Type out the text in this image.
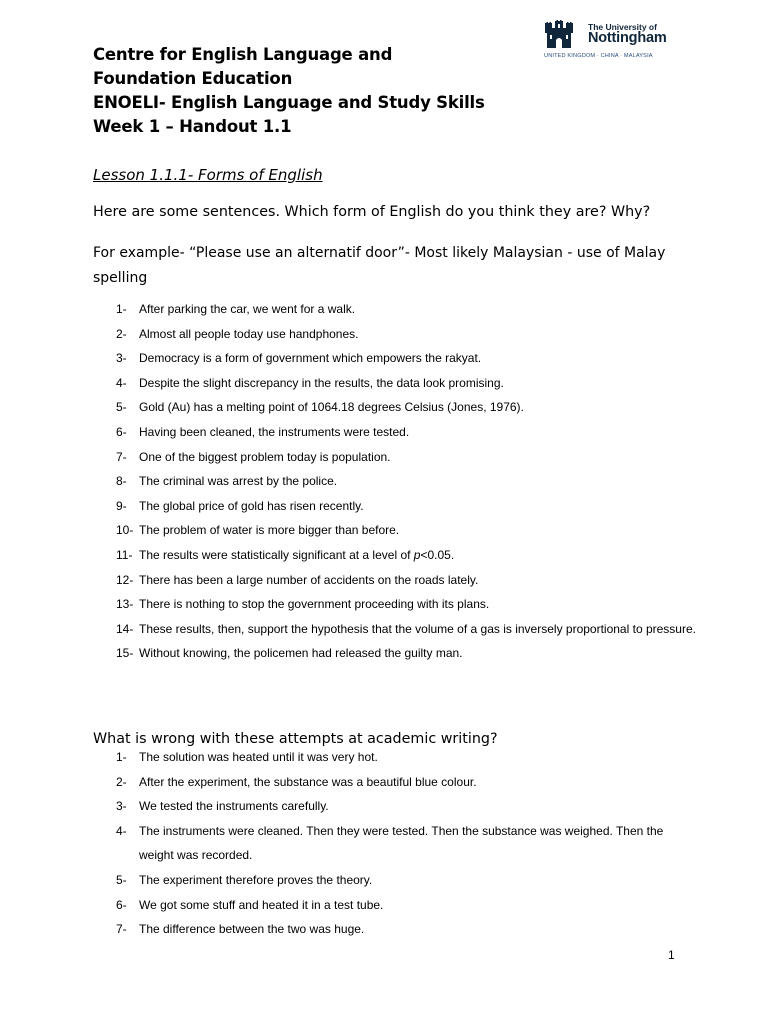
Centre for English Language and
Foundation Education
ENOELI- English Language and Study Skills
Week 1 – Handout 1.1
The University of
Nottingham
UNITED KINGDOM · CHINA · MALAYSIA
Lesson 1.1.1- Forms of English
Here are some sentences. Which form of English do you think they are? Why?
For example- “Please use an alternatif door”- Most likely Malaysian - use of Malay spelling
1- After parking the car, we went for a walk.
2- Almost all people today use handphones.
3- Democracy is a form of government which empowers the rakyat.
4- Despite the slight discrepancy in the results, the data look promising.
5- Gold (Au) has a melting point of 1064.18 degrees Celsius (Jones, 1976).
6- Having been cleaned, the instruments were tested.
7- One of the biggest problem today is population.
8- The criminal was arrest by the police.
9- The global price of gold has risen recently.
10- The problem of water is more bigger than before.
11- The results were statistically significant at a level of p<0.05.
12- There has been a large number of accidents on the roads lately.
13- There is nothing to stop the government proceeding with its plans.
14- These results, then, support the hypothesis that the volume of a gas is inversely proportional to pressure.
15- Without knowing, the policemen had released the guilty man.
What is wrong with these attempts at academic writing?
1- The solution was heated until it was very hot.
2- After the experiment, the substance was a beautiful blue colour.
3- We tested the instruments carefully.
4- The instruments were cleaned. Then they were tested. Then the substance was weighed. Then the weight was recorded.
5- The experiment therefore proves the theory.
6- We got some stuff and heated it in a test tube.
7- The difference between the two was huge.
1
